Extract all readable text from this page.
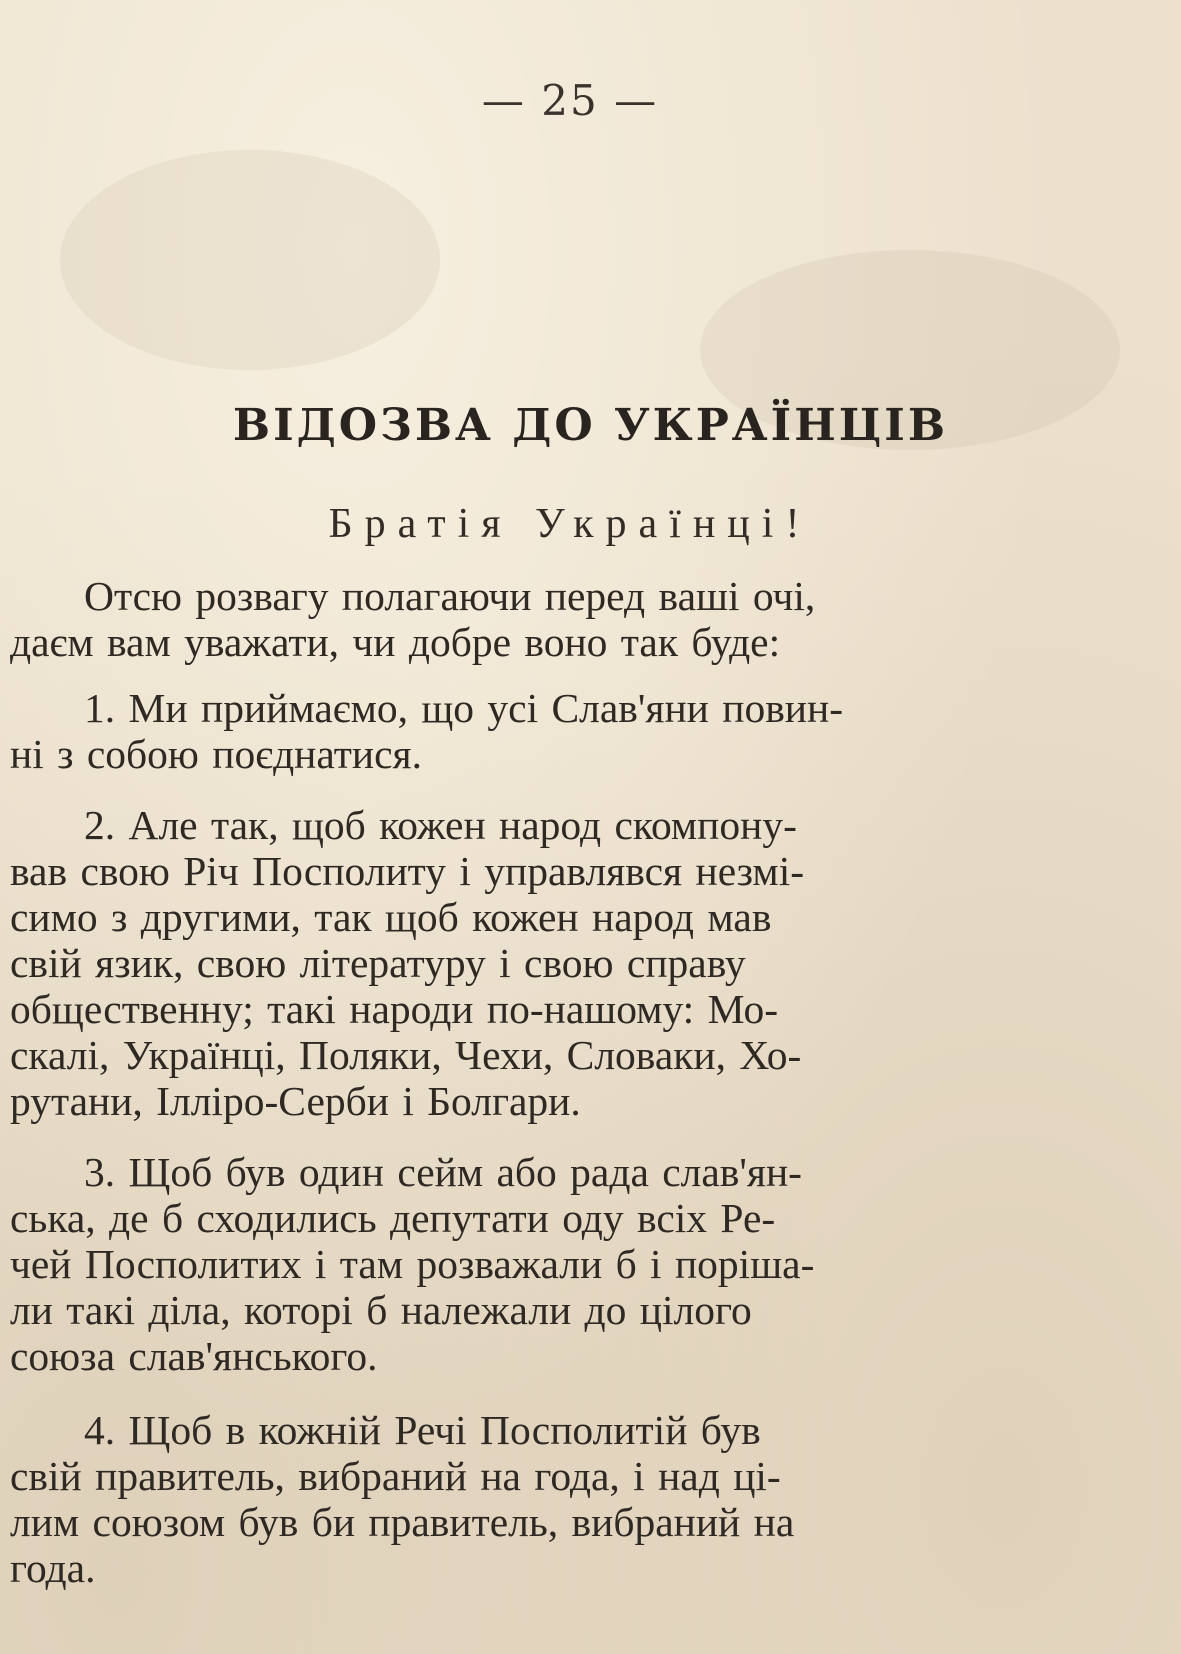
— 25 —
ВІДОЗВА ДО УКРАЇНЦІВ
Братія Українці!
Отсю розвагу полагаючи перед ваші очі,
даєм вам уважати, чи добре воно так буде:
1. Ми приймаємо, що усі Слав'яни повин-
ні з собою поєднатися.
2. Але так, щоб кожен народ скомпону-
вав свою Річ Посполиту і управлявся незмі-
симо з другими, так щоб кожен народ мав
свій язик, свою літературу і свою справу
общественну; такі народи по-нашому: Мо-
скалі, Українці, Поляки, Чехи, Словаки, Хо-
рутани, Ілліро-Серби і Болгари.
3. Щоб був один сейм або рада слав'ян-
ська, де б сходились депутати оду всіх Ре-
чей Посполитих і там розважали б і поріша-
ли такі діла, которі б належали до цілого
союза слав'янського.
4. Щоб в кожній Речі Посполитій був
свій правитель, вибраний на года, і над ці-
лим союзом був би правитель, вибраний на
года.
